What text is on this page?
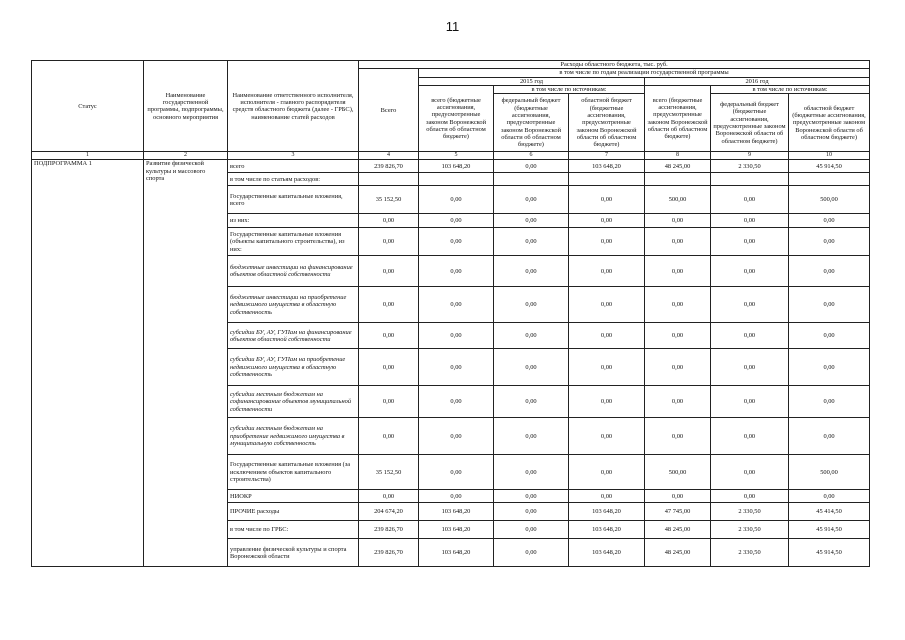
11
Статус	Наименование государственной программы, подпрограммы, основного мероприятия	Наименование ответственного исполнителя, исполнителя - главного распорядителя средств областного бюджета (далее - ГРБС), наименование статей расходов	Расходы областного бюджета, тыс. руб.						
			Всего	в том числе по годам реализации государственной программы					
				2015 год			2016 год		
				всего (бюджетные ассигнования, предусмотренные законом Воронежской области об областном бюджете)	в том числе по источникам:		всего (бюджетные ассигнования, предусмотренные законом Воронежской области об областном бюджете)	в том числе по источникам:	
					федеральный бюджет (бюджетные ассигнования, предусмотренные законом Воронежской области об областном бюджете)	областной бюджет (бюджетные ассигнования, предусмотренные законом Воронежской области об областном бюджете)		федеральный бюджет (бюджетные ассигнования, предусмотренные законом Воронежской области об областном бюджете)	областной бюджет (бюджетные ассигнования, предусмотренные законом Воронежской области об областном бюджете)
1	2	3	4	5	6	7	8	9	10
ПОДПРОГРАММА 1	Развитие физической культуры и массового спорта	всего	239 826,70	103 648,20	0,00	103 648,20	48 245,00	2 330,50	45 914,50
		в том числе по статьям расходов:							
		Государственные капитальные вложения, всего	35 152,50	0,00	0,00	0,00	500,00	0,00	500,00
		из них:	0,00	0,00	0,00	0,00	0,00	0,00	0,00
		Государственные капитальные вложения (объекты капитального строительства), из них:	0,00	0,00	0,00	0,00	0,00	0,00	0,00
		бюджетные инвестиции на финансирование объектов областной собственности	0,00	0,00	0,00	0,00	0,00	0,00	0,00
		бюджетные инвестиции на приобретение недвижимого имущества в областную собственность	0,00	0,00	0,00	0,00	0,00	0,00	0,00
		субсидии БУ, АУ, ГУПам на финансирование объектов областной собственности	0,00	0,00	0,00	0,00	0,00	0,00	0,00
		субсидии БУ, АУ, ГУПам на приобретение недвижимого имущества в областную собственность	0,00	0,00	0,00	0,00	0,00	0,00	0,00
		субсидии местным бюджетам на софинансирование объектов муниципальной собственности	0,00	0,00	0,00	0,00	0,00	0,00	0,00
		субсидии местным бюджетам на приобретение недвижимого имущества в муниципальную собственность	0,00	0,00	0,00	0,00	0,00	0,00	0,00
		Государственные капитальные вложения (за исключением объектов капитального строительства)	35 152,50	0,00	0,00	0,00	500,00	0,00	500,00
		НИОКР	0,00	0,00	0,00	0,00	0,00	0,00	0,00
		ПРОЧИЕ расходы	204 674,20	103 648,20	0,00	103 648,20	47 745,00	2 330,50	45 414,50
		в том числе по ГРБС:	239 826,70	103 648,20	0,00	103 648,20	48 245,00	2 330,50	45 914,50
		управление физической культуры и спорта Воронежской области	239 826,70	103 648,20	0,00	103 648,20	48 245,00	2 330,50	45 914,50
